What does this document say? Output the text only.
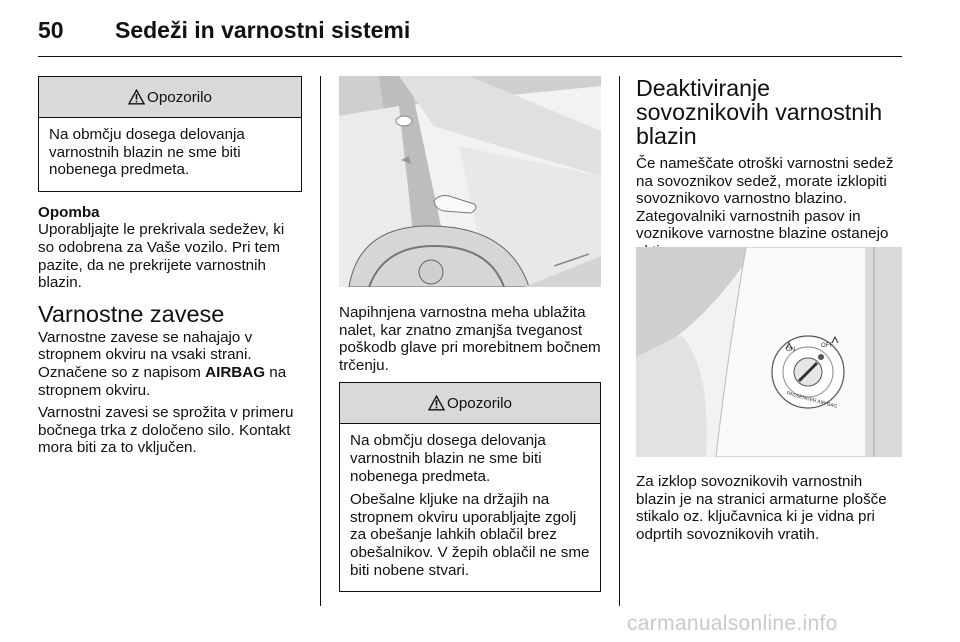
50 Sedeži in varnostni sistemi
Opozorilo

Na obmčju dosega delovanja varnostnih blazin ne sme biti nobenega predmeta.

Opomba

Uporabljajte le prekrivala sedežev, ki so odobrena za Vaše vozilo. Pri tem pazite, da ne prekrijete varnostnih blazin.

Varnostne zavese

Varnostne zavese se nahajajo v stropnem okviru na vsaki strani.

Označene so z napisom AIRBAG na stropnem okviru.

Varnostni zavesi se sprožita v primeru bočnega trka z določeno silo. Kontakt mora biti za to vključen.

Napihnjena varnostna meha ublažita nalet, kar znatno zmanjša tveganost poškodb glave pri morebitnem bočnem trčenju.

Opozorilo

Na obmčju dosega delovanja varnostnih blazin ne sme biti nobenega predmeta.

Obešalne kljuke na držajih na stropnem okviru uporabljajte zgolj za obešanje lahkih oblačil brez obešalnikov. V žepih oblačil ne sme biti nobene stvari.

Deaktiviranje sovoznikovih varnostnih blazin

Če nameščate otroški varnostni sedež na sovoznikov sedež, morate izklopiti sovoznikovo varnostno blazino. Zategovalniki varnostnih pasov in voznikove varnostne blazine ostanejo

ON
OFF
PASSENGER AIR BAG

Za izklop sovoznikovih varnostnih blazin je na stranici armaturne plošče stikalo oz. ključavnica ki je vidna pri odprtih sovoznikovih vratih.

carmanualsonline.info
